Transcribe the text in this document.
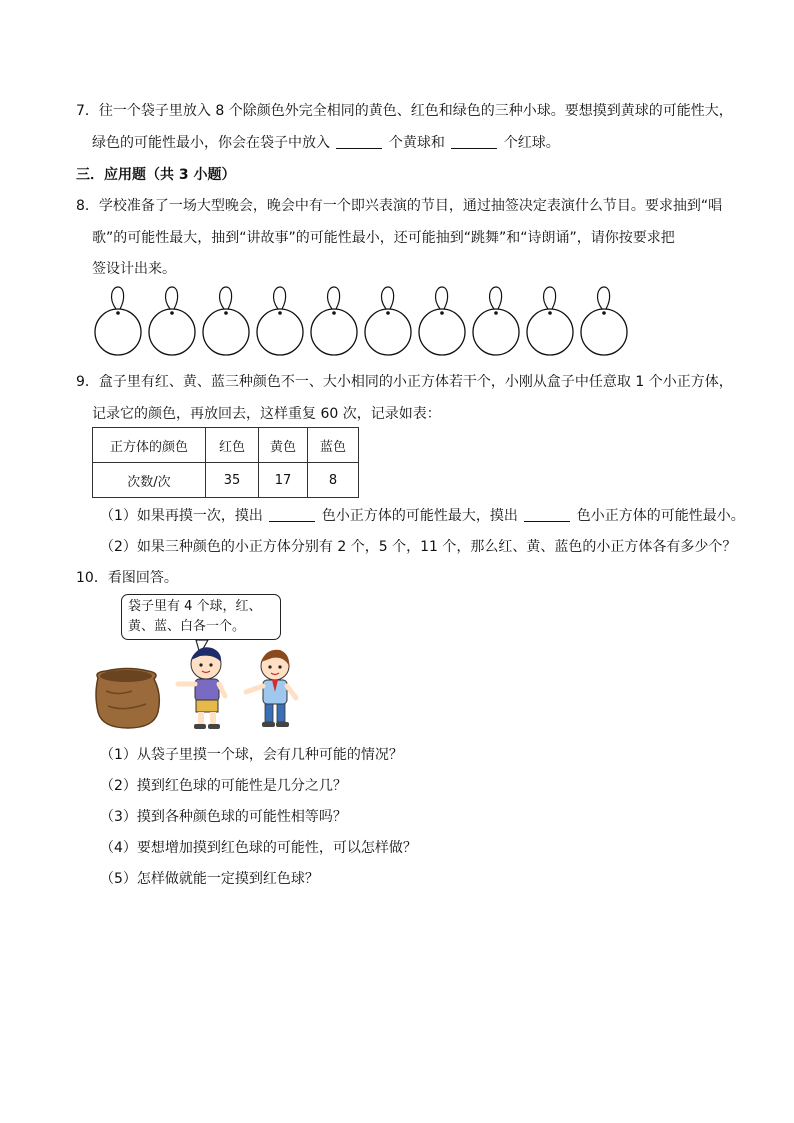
7．往一个袋子里放入 8 个除颜色外完全相同的黄色、红色和绿色的三种小球。要想摸到黄球的可能性大，
绿色的可能性最小，你会在袋子中放入	个黄球和	个红球。
三．应用题（共 3 小题）
8．学校准备了一场大型晚会，晚会中有一个即兴表演的节目，通过抽签决定表演什么节目。要求抽到“唱
歌”的可能性最大，抽到“讲故事”的可能性最小，还可能抽到“跳舞”和“诗朗诵”，请你按要求把
签设计出来。
9．盒子里有红、黄、蓝三种颜色不一、大小相同的小正方体若干个，小刚从盒子中任意取 1 个小正方体，
记录它的颜色，再放回去，这样重复 60 次，记录如表：
正方体的颜色	红色	黄色	蓝色
次数/次	35	17	8
（1）如果再摸一次，摸出	色小正方体的可能性最大，摸出	色小正方体的可能性最小。
（2）如果三种颜色的小正方体分别有 2 个，5 个，11 个，那么红、黄、蓝色的小正方体各有多少个？
10．看图回答。
袋子里有 4 个球，红、
黄、蓝、白各一个。
（1）从袋子里摸一个球，会有几种可能的情况？
（2）摸到红色球的可能性是几分之几？
（3）摸到各种颜色球的可能性相等吗？
（4）要想增加摸到红色球的可能性，可以怎样做？
（5）怎样做就能一定摸到红色球？
